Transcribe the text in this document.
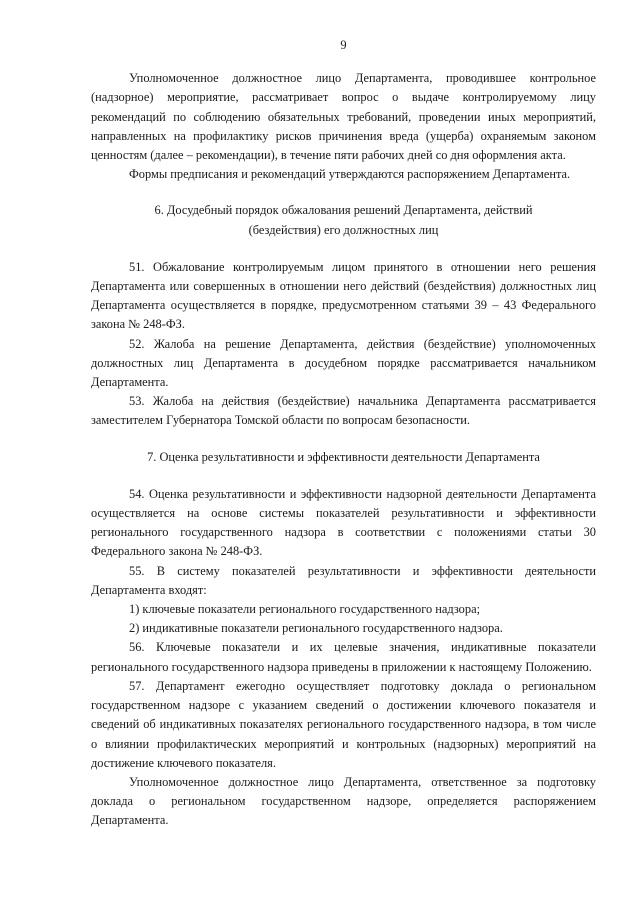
9

Уполномоченное должностное лицо Департамента, проводившее контрольное (надзорное) мероприятие, рассматривает вопрос о выдаче контролируемому лицу рекомендаций по соблюдению обязательных требований, проведении иных мероприятий, направленных на профилактику рисков причинения вреда (ущерба) охраняемым законом ценностям (далее – рекомендации), в течение пяти рабочих дней со дня оформления акта.

Формы предписания и рекомендаций утверждаются распоряжением Департамента.

6. Досудебный порядок обжалования решений Департамента, действий

(бездействия) его должностных лиц

51. Обжалование контролируемым лицом принятого в отношении него решения Департамента или совершенных в отношении него действий (бездействия) должностных лиц Департамента осуществляется в порядке, предусмотренном статьями 39 – 43 Федерального закона № 248-ФЗ.

52. Жалоба на решение Департамента, действия (бездействие) уполномоченных должностных лиц Департамента в досудебном порядке рассматривается начальником Департамента.

53. Жалоба на действия (бездействие) начальника Департамента рассматривается заместителем Губернатора Томской области по вопросам безопасности.

7. Оценка результативности и эффективности деятельности Департамента

54. Оценка результативности и эффективности надзорной деятельности Департамента осуществляется на основе системы показателей результативности и эффективности регионального государственного надзора в соответствии с положениями статьи 30 Федерального закона № 248-ФЗ.

55. В систему показателей результативности и эффективности деятельности Департамента входят:

1) ключевые показатели регионального государственного надзора;

2) индикативные показатели регионального государственного надзора.

56. Ключевые показатели и их целевые значения, индикативные показатели регионального государственного надзора приведены в приложении к настоящему Положению.

57. Департамент ежегодно осуществляет подготовку доклада о региональном государственном надзоре с указанием сведений о достижении ключевого показателя и сведений об индикативных показателях регионального государственного надзора, в том числе о влиянии профилактических мероприятий и контрольных (надзорных) мероприятий на достижение ключевого показателя.

Уполномоченное должностное лицо Департамента, ответственное за подготовку доклада о региональном государственном надзоре, определяется распоряжением Департамента.
